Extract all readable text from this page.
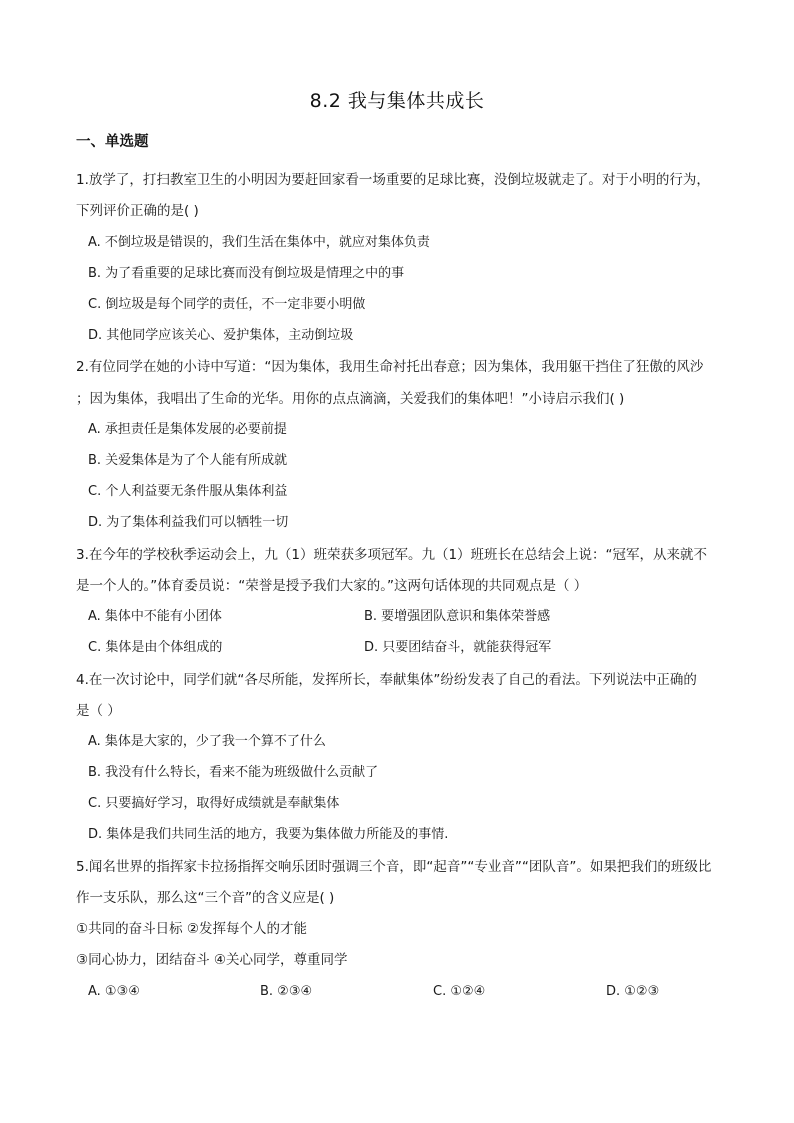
8.2 我与集体共成长
一、单选题
1.放学了，打扫教室卫生的小明因为要赶回家看一场重要的足球比赛，没倒垃圾就走了。对于小明的行为，
下列评价正确的是( )
A. 不倒垃圾是错误的，我们生活在集体中，就应对集体负责
B. 为了看重要的足球比赛而没有倒垃圾是情理之中的事
C. 倒垃圾是每个同学的责任，不一定非要小明做
D. 其他同学应该关心、爱护集体，主动倒垃圾
2.有位同学在她的小诗中写道：“因为集体，我用生命衬托出春意；因为集体，我用躯干挡住了狂傲的风沙
；因为集体，我唱出了生命的光华。用你的点点滴滴，关爱我们的集体吧！”小诗启示我们( )
A. 承担责任是集体发展的必要前提
B. 关爱集体是为了个人能有所成就
C. 个人利益要无条件服从集体利益
D. 为了集体利益我们可以牺牲一切
3.在今年的学校秋季运动会上，九（1）班荣获多项冠军。九（1）班班长在总结会上说：“冠军，从来就不
是一个人的。”体育委员说：“荣誉是授予我们大家的。”这两句话体现的共同观点是（ ）
A. 集体中不能有小团体	B. 要增强团队意识和集体荣誉感
C. 集体是由个体组成的	D. 只要团结奋斗，就能获得冠军
4.在一次讨论中，同学们就“各尽所能，发挥所长，奉献集体”纷纷发表了自己的看法。下列说法中正确的
是（ ）
A. 集体是大家的，少了我一个算不了什么
B. 我没有什么特长，看来不能为班级做什么贡献了
C. 只要搞好学习，取得好成绩就是奉献集体
D. 集体是我们共同生活的地方，我要为集体做力所能及的事情.
5.闻名世界的指挥家卡拉扬指挥交响乐团时强调三个音，即“起音”“专业音”“团队音”。如果把我们的班级比
作一支乐队，那么这“三个音”的含义应是( )
①共同的奋斗日标 ②发挥每个人的才能
③同心协力，团结奋斗 ④关心同学，尊重同学
A. ①③④	B. ②③④	C. ①②④	D. ①②③
